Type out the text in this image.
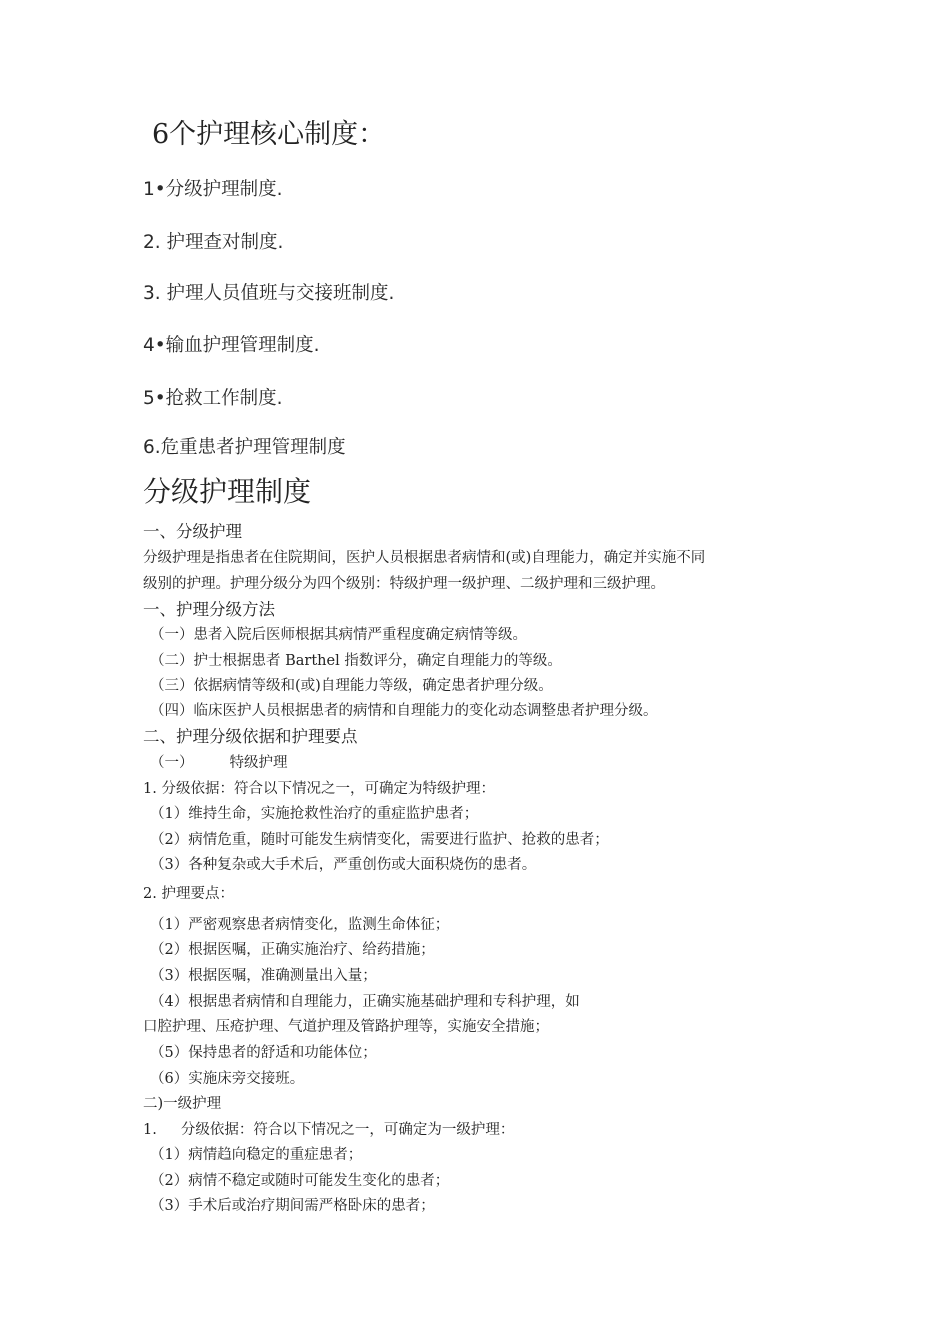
6个护理核心制度：
1•分级护理制度.
2. 护理查对制度.
3. 护理人员值班与交接班制度.
4•输血护理管理制度.
5•抢救工作制度.
6.危重患者护理管理制度
分级护理制度
一、分级护理
分级护理是指患者在住院期间，医护人员根据患者病情和(或)自理能力，确定并实施不同
级别的护理。护理分级分为四个级别：特级护理一级护理、二级护理和三级护理。
一、护理分级方法
（一）患者入院后医师根据其病情严重程度确定病情等级。
（二）护士根据患者 Barthel 指数评分，确定自理能力的等级。
（三）依据病情等级和(或)自理能力等级，确定患者护理分级。
（四）临床医护人员根据患者的病情和自理能力的变化动态调整患者护理分级。
二、护理分级依据和护理要点
（一） 特级护理
1. 分级依据：符合以下情况之一，可确定为特级护理：
（1）维持生命，实施抢救性治疗的重症监护患者；
（2）病情危重，随时可能发生病情变化，需要进行监护、抢救的患者；
（3）各种复杂或大手术后，严重创伤或大面积烧伤的患者。
2. 护理要点：
（1）严密观察患者病情变化，监测生命体征；
（2）根据医嘱，正确实施治疗、给药措施；
（3）根据医嘱，准确测量出入量；
（4）根据患者病情和自理能力，正确实施基础护理和专科护理，如
口腔护理、压疮护理、气道护理及管路护理等，实施安全措施；
（5）保持患者的舒适和功能体位；
（6）实施床旁交接班。
二)一级护理
1. 分级依据：符合以下情况之一，可确定为一级护理：
（1）病情趋向稳定的重症患者；
（2）病情不稳定或随时可能发生变化的患者；
（3）手术后或治疗期间需严格卧床的患者；
